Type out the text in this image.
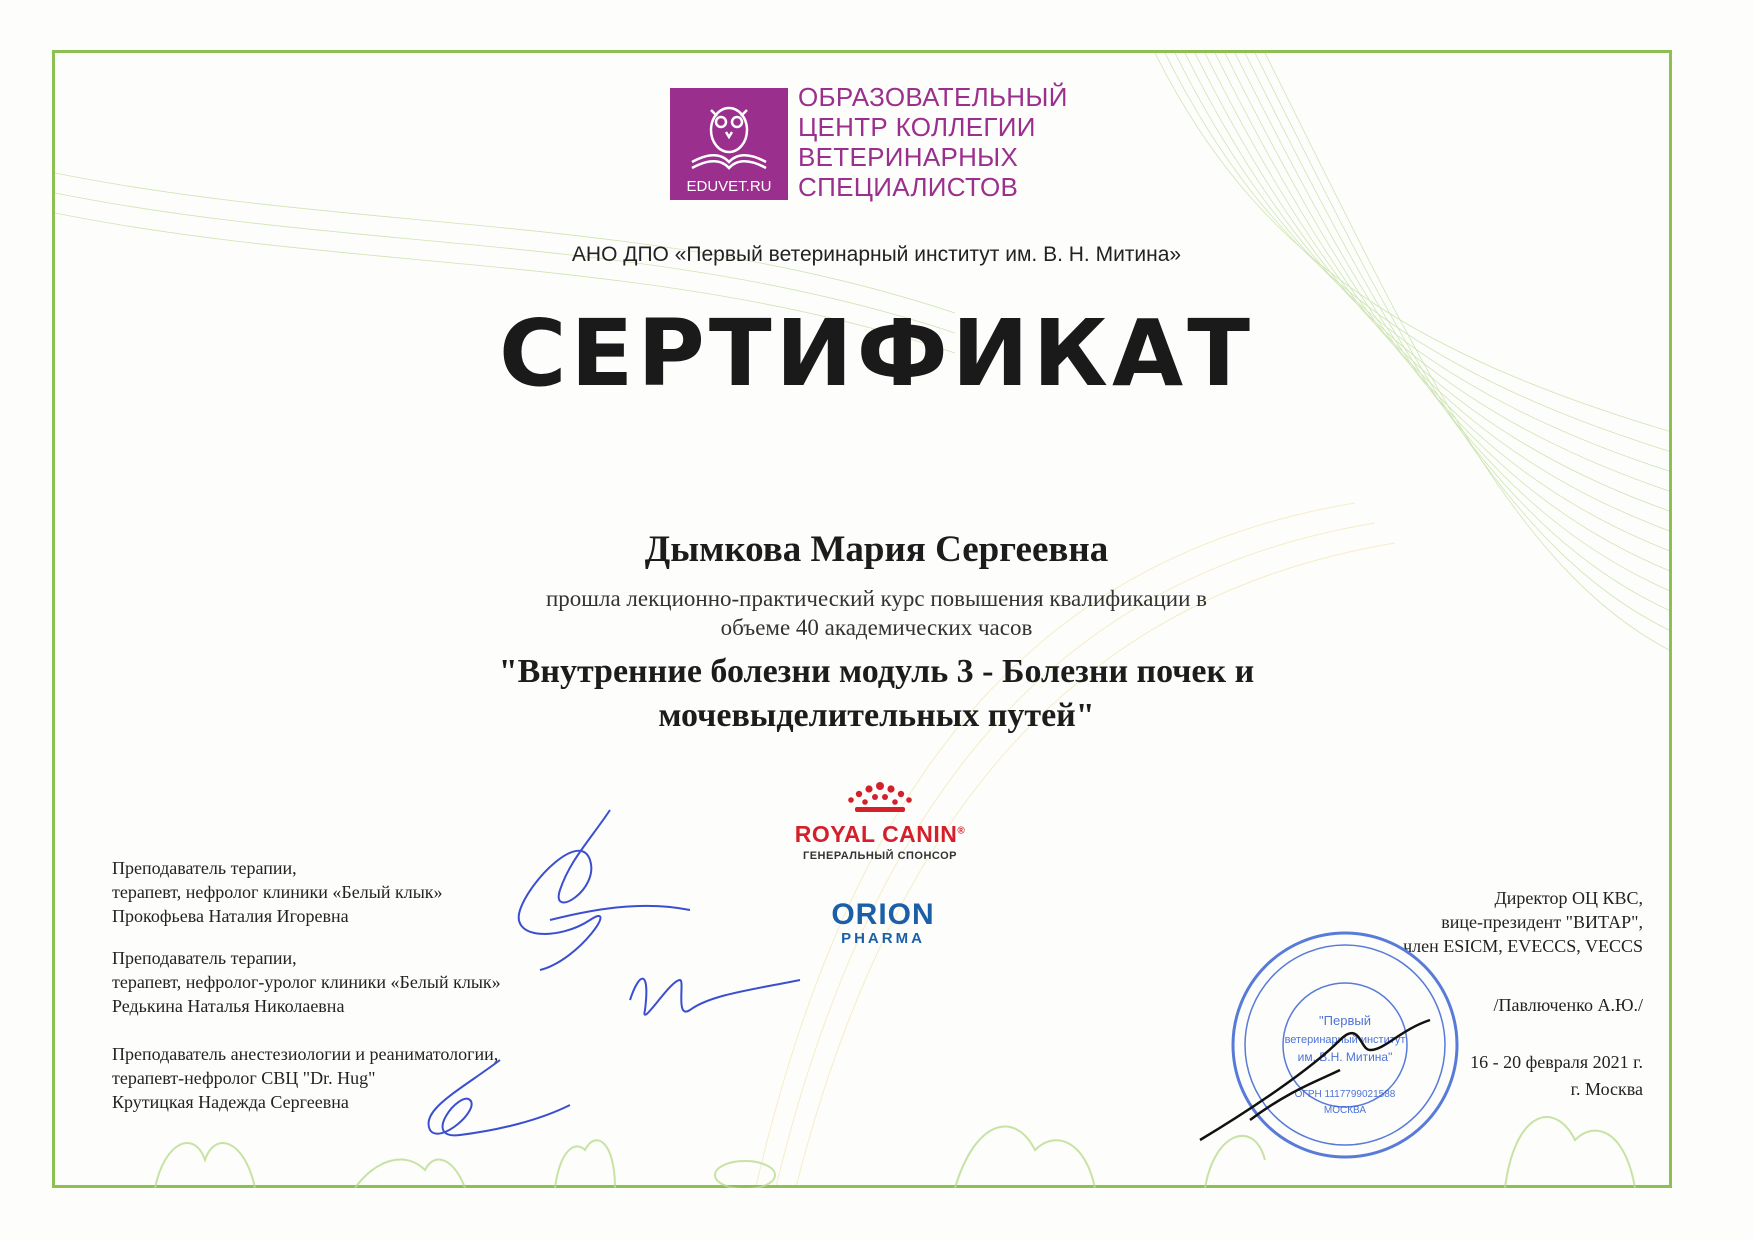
EDUVET.RU
ОБРАЗОВАТЕЛЬНЫЙ
ЦЕНТР КОЛЛЕГИИ
ВЕТЕРИНАРНЫХ
СПЕЦИАЛИСТОВ
АНО ДПО «Первый ветеринарный институт им. В. Н. Митина»
СЕРТИФИКАТ
Дымкова Мария Сергеевна
прошла лекционно-практический курс повышения квалификации в
объеме 40 академических часов
"Внутренние болезни модуль 3 - Болезни почек и
мочевыделительных путей"
ROYAL CANIN®
ГЕНЕРАЛЬНЫЙ СПОНСОР
ORION
PHARMA
Преподаватель терапии,
терапевт, нефролог клиники «Белый клык»
Прокофьева Наталия Игоревна
Преподаватель терапии,
терапевт, нефролог-уролог клиники «Белый клык»
Редькина Наталья Николаевна
Преподаватель анестезиологии и реаниматологии,
терапевт-нефролог СВЦ "Dr. Hug"
Крутицкая Надежда Сергеевна
Директор ОЦ КВС,
вице-президент "ВИТАР",
член ESICM, EVECCS, VECCS
/Павлюченко А.Ю./
16 - 20 февраля 2021 г.
г. Москва
"Первый
ветеринарный институт
им. В.Н. Митина"
ОГРН 1117799021588
МОСКВА
